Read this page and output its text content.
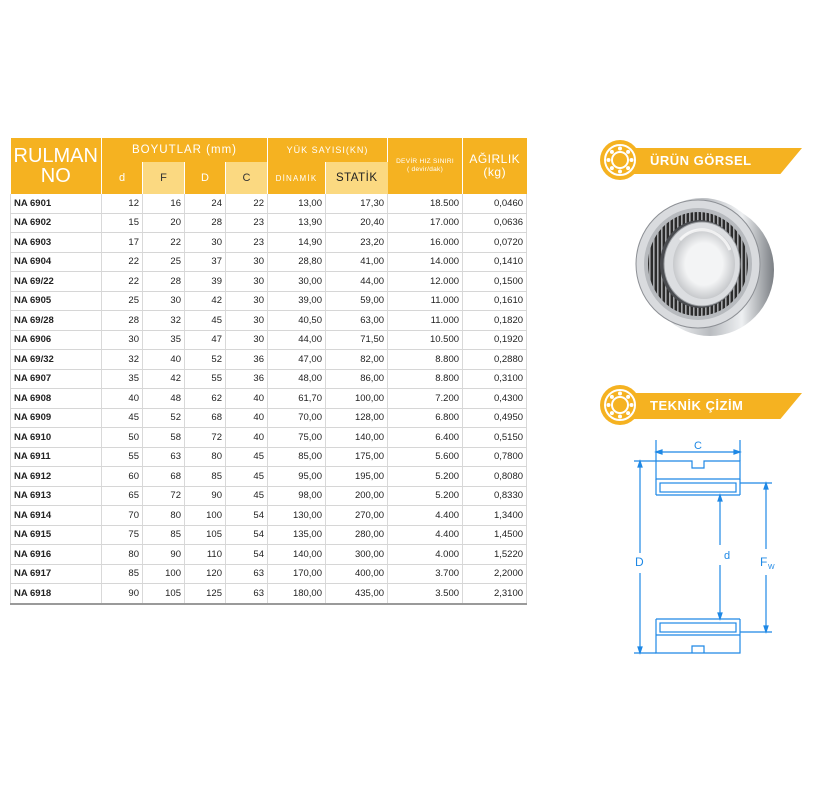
RULMAN
NO	BOYUTLAR (mm)				YÜK SAYISI(KN)		DEVİR HIZ SINIRI
( devir/dak)	AĞIRLIK
(kg)
	d	F	D	C	DİNAMİK	STATİK		
NA 6901	12	16	24	22	13,00	17,30	18.500	0,0460
NA 6902	15	20	28	23	13,90	20,40	17.000	0,0636
NA 6903	17	22	30	23	14,90	23,20	16.000	0,0720
NA 6904	22	25	37	30	28,80	41,00	14.000	0,1410
NA 69/22	22	28	39	30	30,00	44,00	12.000	0,1500
NA 6905	25	30	42	30	39,00	59,00	11.000	0,1610
NA 69/28	28	32	45	30	40,50	63,00	11.000	0,1820
NA 6906	30	35	47	30	44,00	71,50	10.500	0,1920
NA 69/32	32	40	52	36	47,00	82,00	8.800	0,2880
NA 6907	35	42	55	36	48,00	86,00	8.800	0,3100
NA 6908	40	48	62	40	61,70	100,00	7.200	0,4300
NA 6909	45	52	68	40	70,00	128,00	6.800	0,4950
NA 6910	50	58	72	40	75,00	140,00	6.400	0,5150
NA 6911	55	63	80	45	85,00	175,00	5.600	0,7800
NA 6912	60	68	85	45	95,00	195,00	5.200	0,8080
NA 6913	65	72	90	45	98,00	200,00	5.200	0,8330
NA 6914	70	80	100	54	130,00	270,00	4.400	1,3400
NA 6915	75	85	105	54	135,00	280,00	4.400	1,4500
NA 6916	80	90	110	54	140,00	300,00	4.000	1,5220
NA 6917	85	100	120	63	170,00	400,00	3.700	2,2000
NA 6918	90	105	125	63	180,00	435,00	3.500	2,3100
ÜRÜN GÖRSEL
TEKNİK ÇİZİM
C
D	d F W
